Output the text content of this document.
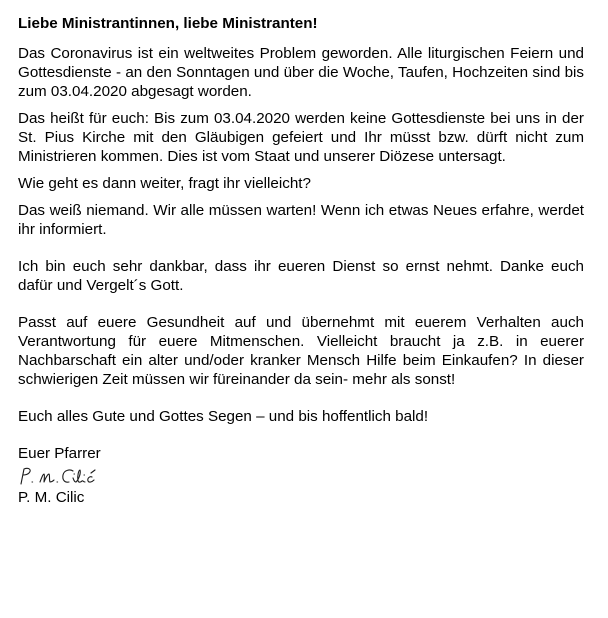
Liebe Ministrantinnen, liebe Ministranten!

Das Coronavirus ist ein weltweites Problem geworden. Alle liturgischen Feiern und Gottesdienste - an den Sonntagen und über die Woche, Taufen, Hochzeiten sind bis zum 03.04.2020 abgesagt worden.

Das heißt für euch: Bis zum 03.04.2020 werden keine Gottesdienste bei uns in der St. Pius Kirche mit den Gläubigen gefeiert und Ihr müsst bzw. dürft nicht zum Ministrieren kommen. Dies ist vom Staat und unserer Diözese untersagt.

Wie geht es dann weiter, fragt ihr vielleicht?

Das weiß niemand. Wir alle müssen warten! Wenn ich etwas Neues erfahre, werdet ihr informiert.

Ich bin euch sehr dankbar, dass ihr eueren Dienst so ernst nehmt. Danke euch dafür und Vergelt´s Gott.

Passt auf euere Gesundheit auf und übernehmt mit euerem Verhalten auch Verantwortung für euere Mitmenschen. Vielleicht braucht ja z.B. in euerer Nachbarschaft ein alter und/oder kranker Mensch Hilfe beim Einkaufen? In dieser schwierigen Zeit müssen wir füreinander da sein- mehr als sonst!

Euch alles Gute und Gottes Segen – und bis hoffentlich bald!

Euer Pfarrer

P. M. Cilic
